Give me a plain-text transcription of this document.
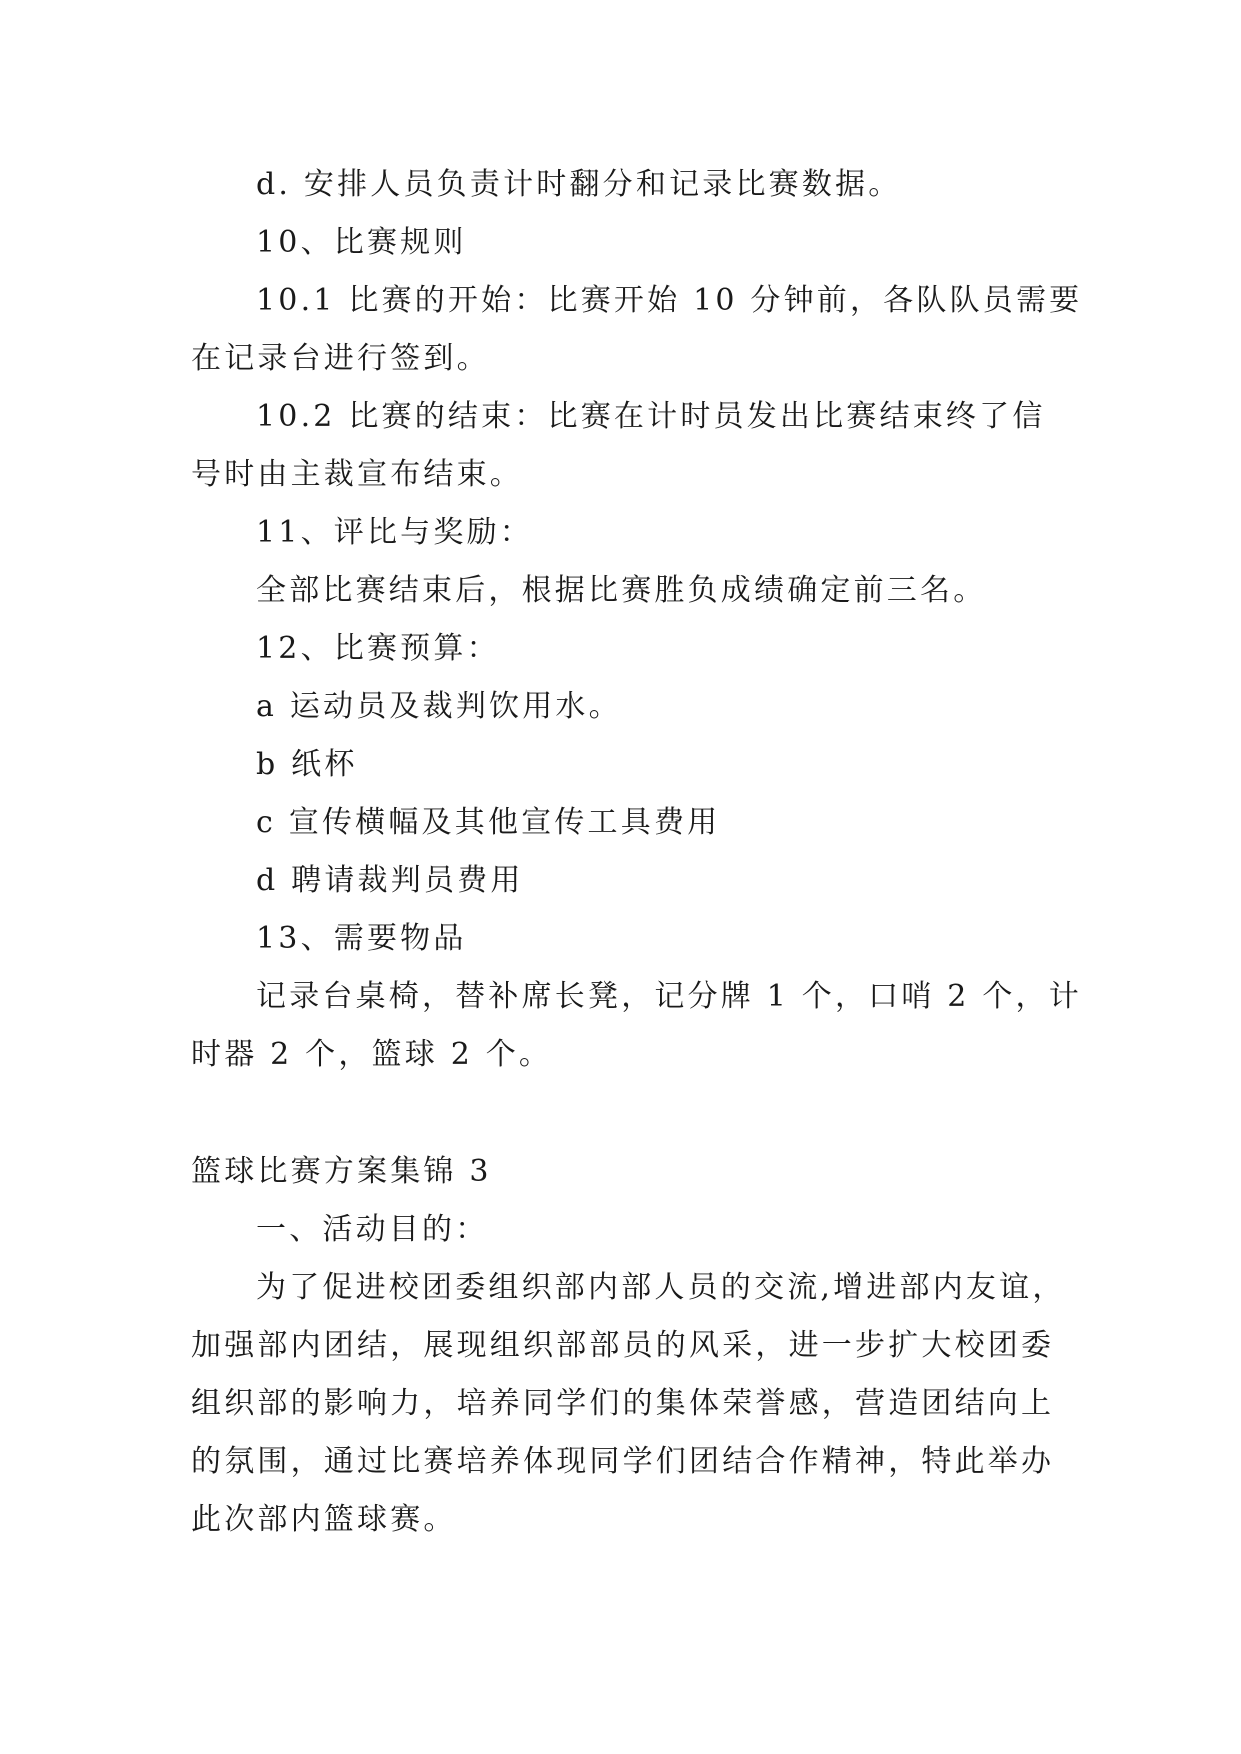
d. 安排人员负责计时翻分和记录比赛数据。
10、比赛规则
10.1 比赛的开始：比赛开始 10 分钟前，各队队员需要
在记录台进行签到。
10.2 比赛的结束：比赛在计时员发出比赛结束终了信
号时由主裁宣布结束。
11、评比与奖励：
全部比赛结束后，根据比赛胜负成绩确定前三名。
12、比赛预算：
a 运动员及裁判饮用水。
b 纸杯
c 宣传横幅及其他宣传工具费用
d 聘请裁判员费用
13、需要物品
记录台桌椅，替补席长凳，记分牌 1 个，口哨 2 个，计
时器 2 个，篮球 2 个。
篮球比赛方案集锦 3
一、活动目的：
为了促进校团委组织部内部人员的交流,增进部内友谊，
加强部内团结，展现组织部部员的风采，进一步扩大校团委
组织部的影响力，培养同学们的集体荣誉感，营造团结向上
的氛围，通过比赛培养体现同学们团结合作精神，特此举办
此次部内篮球赛。
